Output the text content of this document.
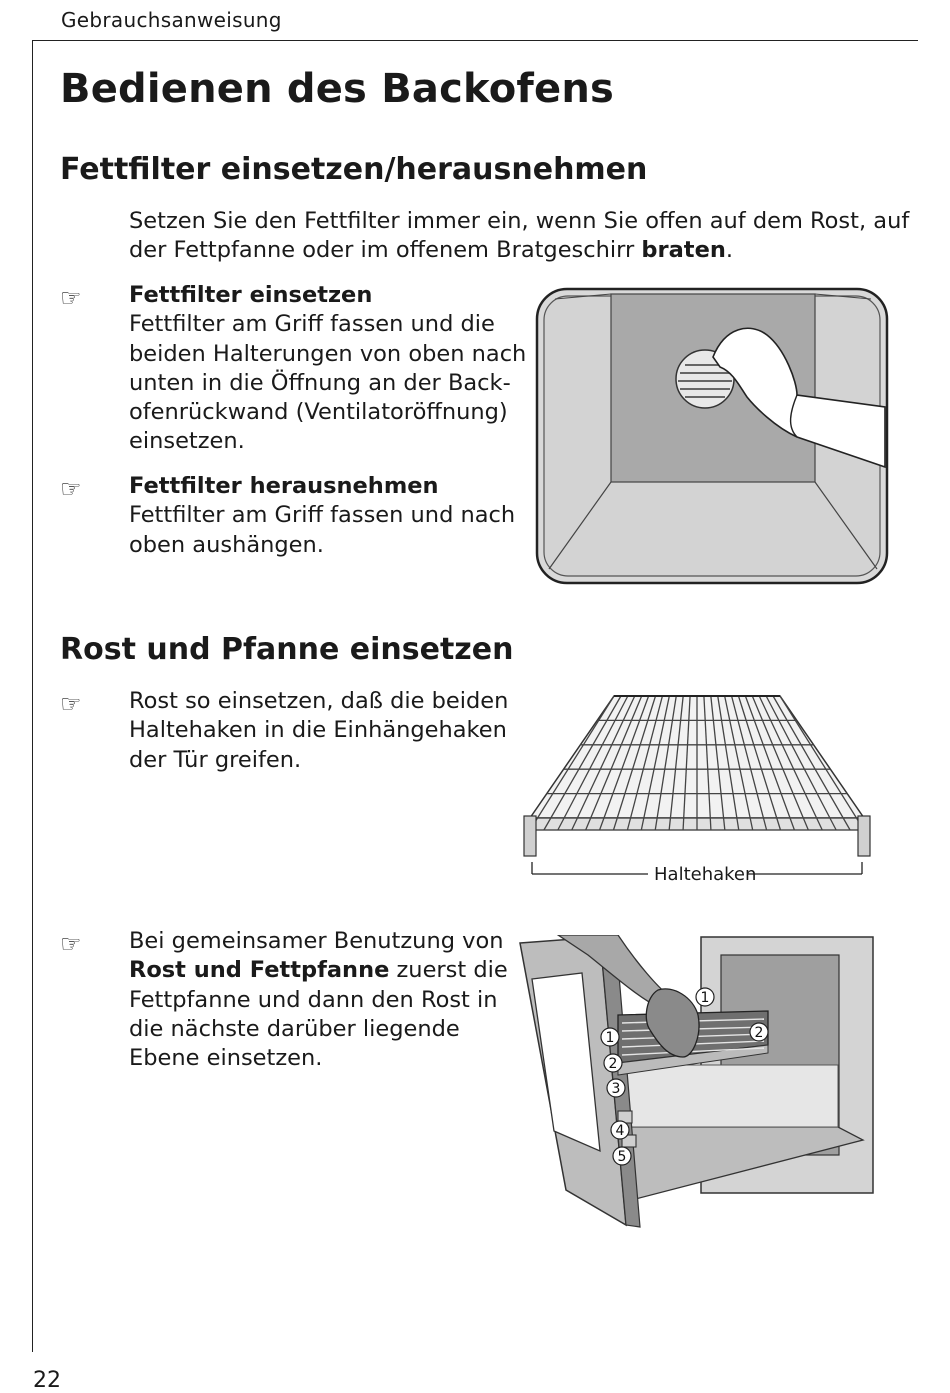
Gebrauchsanweisung
Bedienen des Backofens
Fettfilter einsetzen/herausnehmen
Setzen Sie den Fettfilter immer ein, wenn Sie offen auf dem Rost, auf
der Fettpfanne oder im offenem Bratgeschirr braten.
☞ Fettfilter einsetzen
Fettfilter am Griff fassen und die
beiden Halterungen von oben nach
unten in die Öffnung an der Back-
ofenrückwand (Ventilatoröffnung)
einsetzen.
☞ Fettfilter herausnehmen
Fettfilter am Griff fassen und nach
oben aushängen.
Rost und Pfanne einsetzen
☞ Rost so einsetzen, daß die beiden
Haltehaken in die Einhängehaken
der Tür greifen.
Haltehaken
☞ Bei gemeinsamer Benutzung von
Rost und Fettpfanne zuerst die
Fettpfanne und dann den Rost in
die nächste darüber liegende
Ebene einsetzen.
1
2
1
2
3
4
5
22
